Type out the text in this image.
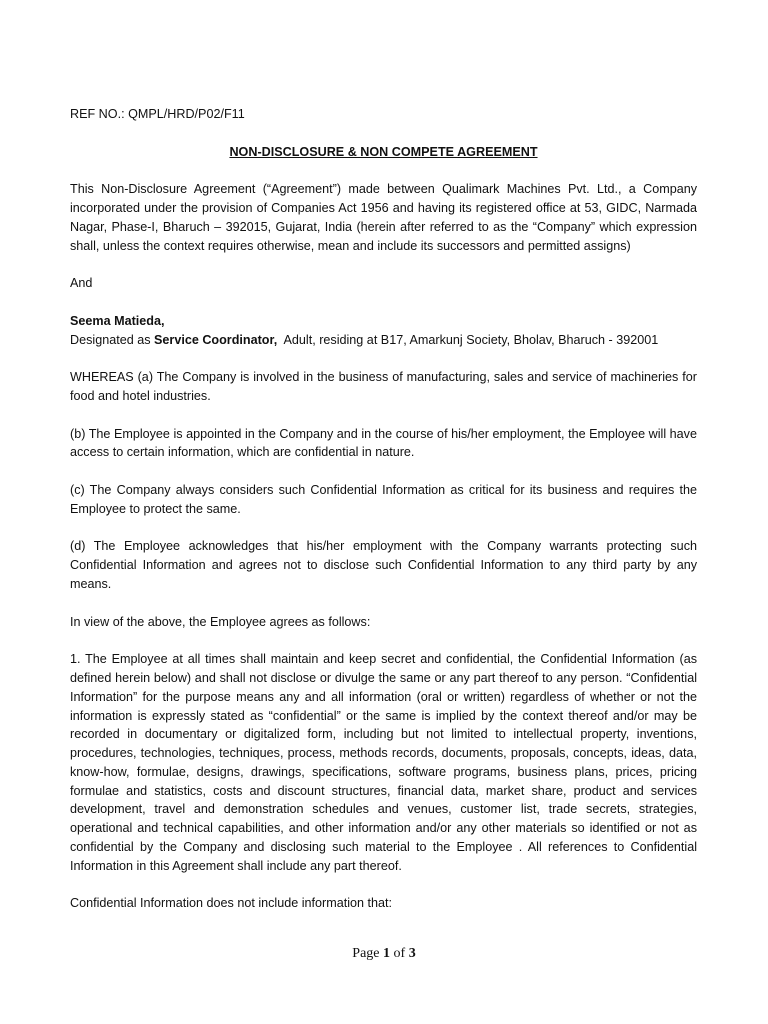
REF NO.: QMPL/HRD/P02/F11

NON-DISCLOSURE & NON COMPETE AGREEMENT

This Non-Disclosure Agreement (“Agreement”) made between Qualimark Machines Pvt. Ltd., a Company incorporated under the provision of Companies Act 1956 and having its registered office at 53, GIDC, Narmada Nagar, Phase-I, Bharuch – 392015, Gujarat, India (herein after referred to as the “Company” which expression shall, unless the context requires otherwise, mean and include its successors and permitted assigns)

And

Seema Matieda,
Designated as Service Coordinator,  Adult, residing at B17, Amarkunj Society, Bholav, Bharuch - 392001

WHEREAS (a) The Company is involved in the business of manufacturing, sales and service of machineries for food and hotel industries.

(b) The Employee is appointed in the Company and in the course of his/her employment, the Employee will have access to certain information, which are confidential in nature.

(c) The Company always considers such Confidential Information as critical for its business and requires the Employee to protect the same.

(d) The Employee acknowledges that his/her employment with the Company warrants protecting such Confidential Information and agrees not to disclose such Confidential Information to any third party by any means.

In view of the above, the Employee agrees as follows:

1. The Employee at all times shall maintain and keep secret and confidential, the Confidential Information (as defined herein below) and shall not disclose or divulge the same or any part thereof to any person. “Confidential Information” for the purpose means any and all information (oral or written) regardless of whether or not the information is expressly stated as “confidential” or the same is implied by the context thereof and/or may be recorded in documentary or digitalized form, including but not limited to intellectual property, inventions, procedures, technologies, techniques, process, methods records, documents, proposals, concepts, ideas, data, know-how, formulae, designs, drawings, specifications, software programs, business plans, prices, pricing formulae and statistics, costs and discount structures, financial data, market share, product and services development, travel and demonstration schedules and venues, customer list, trade secrets, strategies, operational and technical capabilities, and other information and/or any other materials so identified or not as confidential by the Company and disclosing such material to the Employee . All references to Confidential Information in this Agreement shall include any part thereof.

Confidential Information does not include information that:

Page 1 of 3
